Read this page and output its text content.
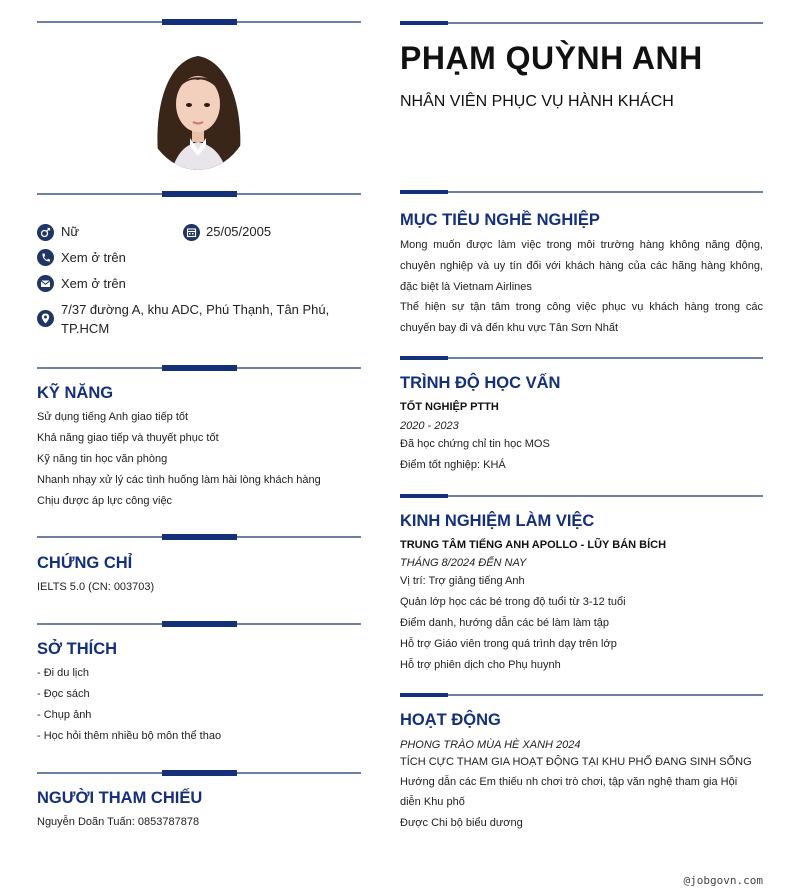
Nữ	25/05/2005
Xem ở trên
Xem ở trên
7/37 đường A, khu ADC, Phú Thạnh, Tân Phú, TP.HCM
KỸ NĂNG
Sử dụng tiếng Anh giao tiếp tốt
Khả năng giao tiếp và thuyết phục tốt
Kỹ năng tin học văn phòng
Nhanh nhạy xử lý các tình huống làm hài lòng khách hàng
Chịu được áp lực công việc
CHỨNG CHỈ
IELTS 5.0 (CN: 003703)
SỞ THÍCH
- Đi du lịch
- Đọc sách
- Chụp ảnh
- Học hỏi thêm nhiều bộ môn thể thao
NGƯỜI THAM CHIẾU
Nguyễn Doãn Tuấn: 0853787878
PHẠM QUỲNH ANH
NHÂN VIÊN PHỤC VỤ HÀNH KHÁCH
MỤC TIÊU NGHỀ NGHIỆP
Mong muốn được làm việc trong môi trường hàng không năng động, chuyên nghiệp và uy tín đối với khách hàng của các hãng hàng không, đặc biệt là Vietnam Airlines
Thể hiện sự tận tâm trong công việc phục vụ khách hàng trong các chuyến bay đi và đến khu vực Tân Sơn Nhất
TRÌNH ĐỘ HỌC VẤN
TỐT NGHIỆP PTTH
2020 - 2023
Đã học chứng chỉ tin học MOS
Điểm tốt nghiệp: KHÁ
KINH NGHIỆM LÀM VIỆC
TRUNG TÂM TIẾNG ANH APOLLO - LŨY BÁN BÍCH
THÁNG 8/2024 ĐẾN NAY
Vị trí: Trợ giảng tiếng Anh
Quản lớp học các bé trong độ tuổi từ 3-12 tuổi
Điểm danh, hướng dẫn các bé làm làm tập
Hỗ trợ Giáo viên trong quá trình dạy trên lớp
Hỗ trợ phiên dịch cho Phụ huynh
HOẠT ĐỘNG
PHONG TRÀO MÙA HÈ XANH 2024
TÍCH CỰC THAM GIA HOẠT ĐỘNG TẠI KHU PHỐ ĐANG SINH SỐNG
Hướng dẫn các Em thiếu nh chơi trò chơi, tập văn nghệ tham gia Hội diễn Khu phố
Được Chi bộ biểu dương
@jobgovn.com
